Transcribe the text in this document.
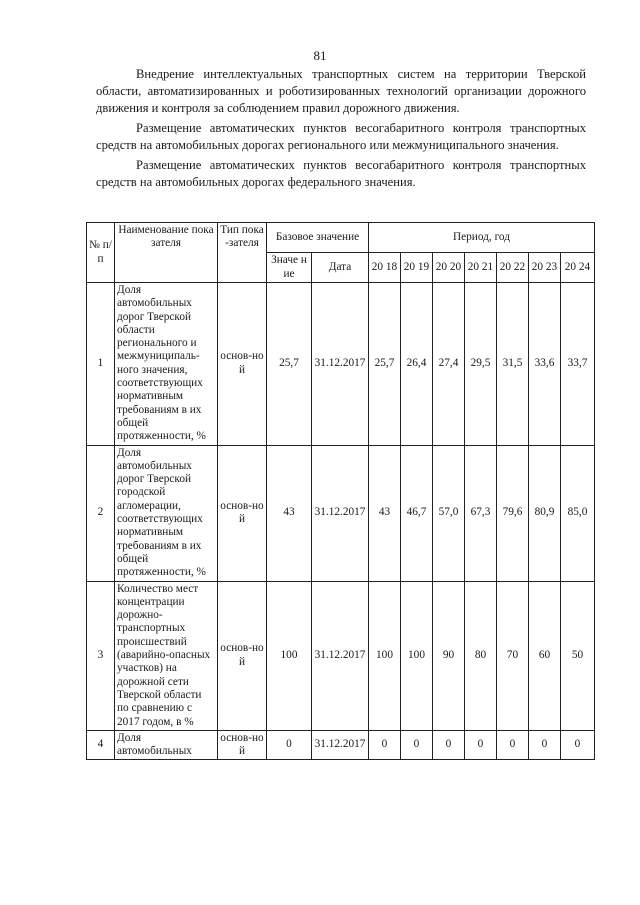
81

Внедрение интеллектуальных транспортных систем на территории Тверской области, автоматизированных и роботизированных технологий организации дорожного движения и контроля за соблюдением правил дорожного движения.

Размещение автоматических пунктов весогабаритного контроля транспортных средств на автомобильных дорогах регионального или межмуниципального значения.

Размещение автоматических пунктов весогабаритного контроля транспортных средств на автомобильных дорогах федерального значения.

№ п/п	Наименование показателя	Тип пока-зателя	Базовое значение		Период, год						
			Значе ние	Дата	20 18	20 19	20 20	20 21	20 22	20 23	20 24
1	Доля автомобильных дорог Тверской области регионального и межмуниципаль-ного значения, соответствующих нормативным требованиям в их общей протяженности, %	основ-ной	25,7	31.12.2017	25,7	26,4	27,4	29,5	31,5	33,6	33,7
2	Доля автомобильных дорог Тверской городской агломерации, соответствующих нормативным требованиям в их общей протяженности, %	основ-ной	43	31.12.2017	43	46,7	57,0	67,3	79,6	80,9	85,0
3	Количество мест концентрации дорожно-транспортных происшествий (аварийно-опасных участков) на дорожной сети Тверской области по сравнению с 2017 годом, в %	основ-ной	100	31.12.2017	100	100	90	80	70	60	50
4	Доля автомобильных	основ-ной	0	31.12.2017	0	0	0	0	0	0	0
